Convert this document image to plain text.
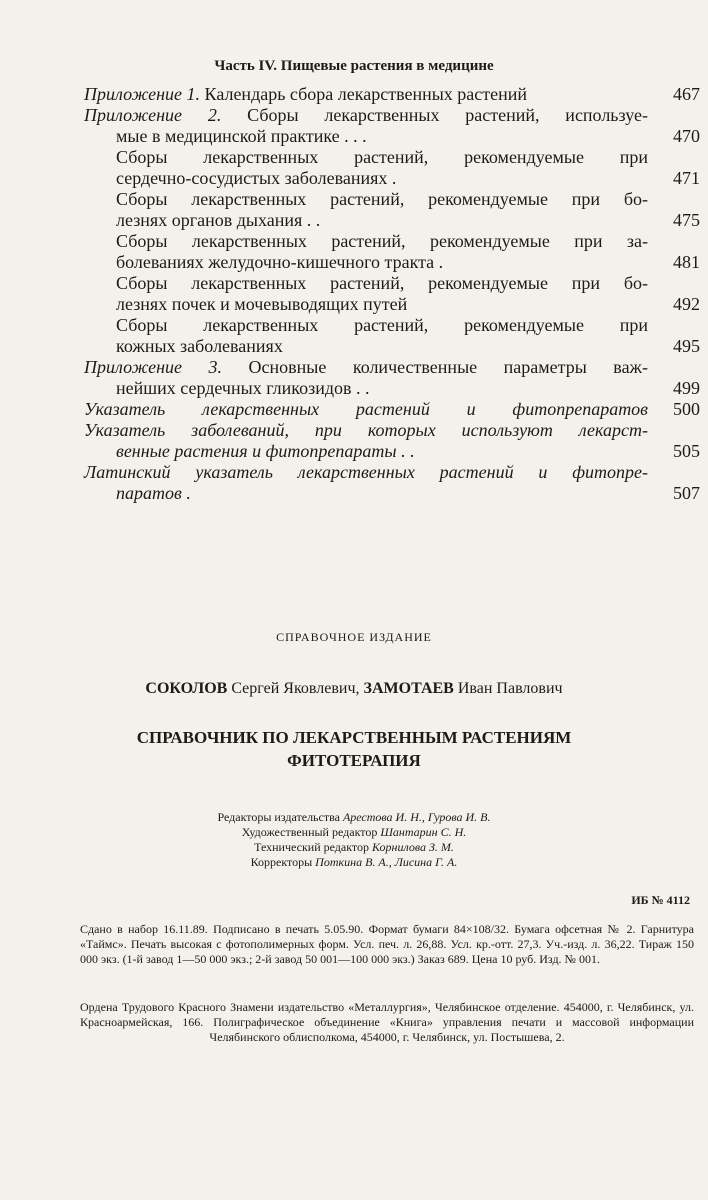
Часть IV. Пищевые растения в медицине
Приложение 1. Календарь сбора лекарственных растений	467
Приложение 2. Сборы лекарственных растений, используе-
мые в медицинской практике . . .	470
Сборы лекарственных растений, рекомендуемые при
сердечно-сосудистых заболеваниях .	471
Сборы лекарственных растений, рекомендуемые при бо-
лезнях органов дыхания . .	475
Сборы лекарственных растений, рекомендуемые при за-
болеваниях желудочно-кишечного тракта .	481
Сборы лекарственных растений, рекомендуемые при бо-
лезнях почек и мочевыводящих путей	492
Сборы лекарственных растений, рекомендуемые при
кожных заболеваниях	495
Приложение 3. Основные количественные параметры важ-
нейших сердечных гликозидов . .	499
Указатель лекарственных растений и фитопрепаратов	500
Указатель заболеваний, при которых используют лекарст-
венные растения и фитопрепараты . .	505
Латинский указатель лекарственных растений и фитопре-
паратов .	507
СПРАВОЧНОЕ ИЗДАНИЕ
СОКОЛОВ Сергей Яковлевич, ЗАМОТАЕВ Иван Павлович
СПРАВОЧНИК ПО ЛЕКАРСТВЕННЫМ РАСТЕНИЯМ
ФИТОТЕРАПИЯ
Редакторы издательства Арестова И. Н., Гурова И. В.
Художественный редактор Шантарин С. Н.
Технический редактор Корнилова З. М.
Корректоры Поткина В. А., Лисина Г. А.
ИБ № 4112
Сдано в набор 16.11.89. Подписано в печать 5.05.90. Формат бумаги 84×108/32. Бумага офсетная № 2. Гарнитура «Таймс». Печать высокая с фотополимерных форм. Усл. печ. л. 26,88. Усл. кр.-отт. 27,3. Уч.-изд. л. 36,22. Тираж 150 000 экз. (1-й завод 1—50 000 экз.; 2-й завод 50 001—100 000 экз.) Заказ 689. Цена 10 руб. Изд. № 001.
Ордена Трудового Красного Знамени издательство «Металлургия», Челябинское отделение. 454000, г. Челябинск, ул. Красноармейская, 166. Полиграфическое объединение «Книга» управления печати и массовой информации Челябинского облисполкома, 454000, г. Челябинск, ул. Постышева, 2.
